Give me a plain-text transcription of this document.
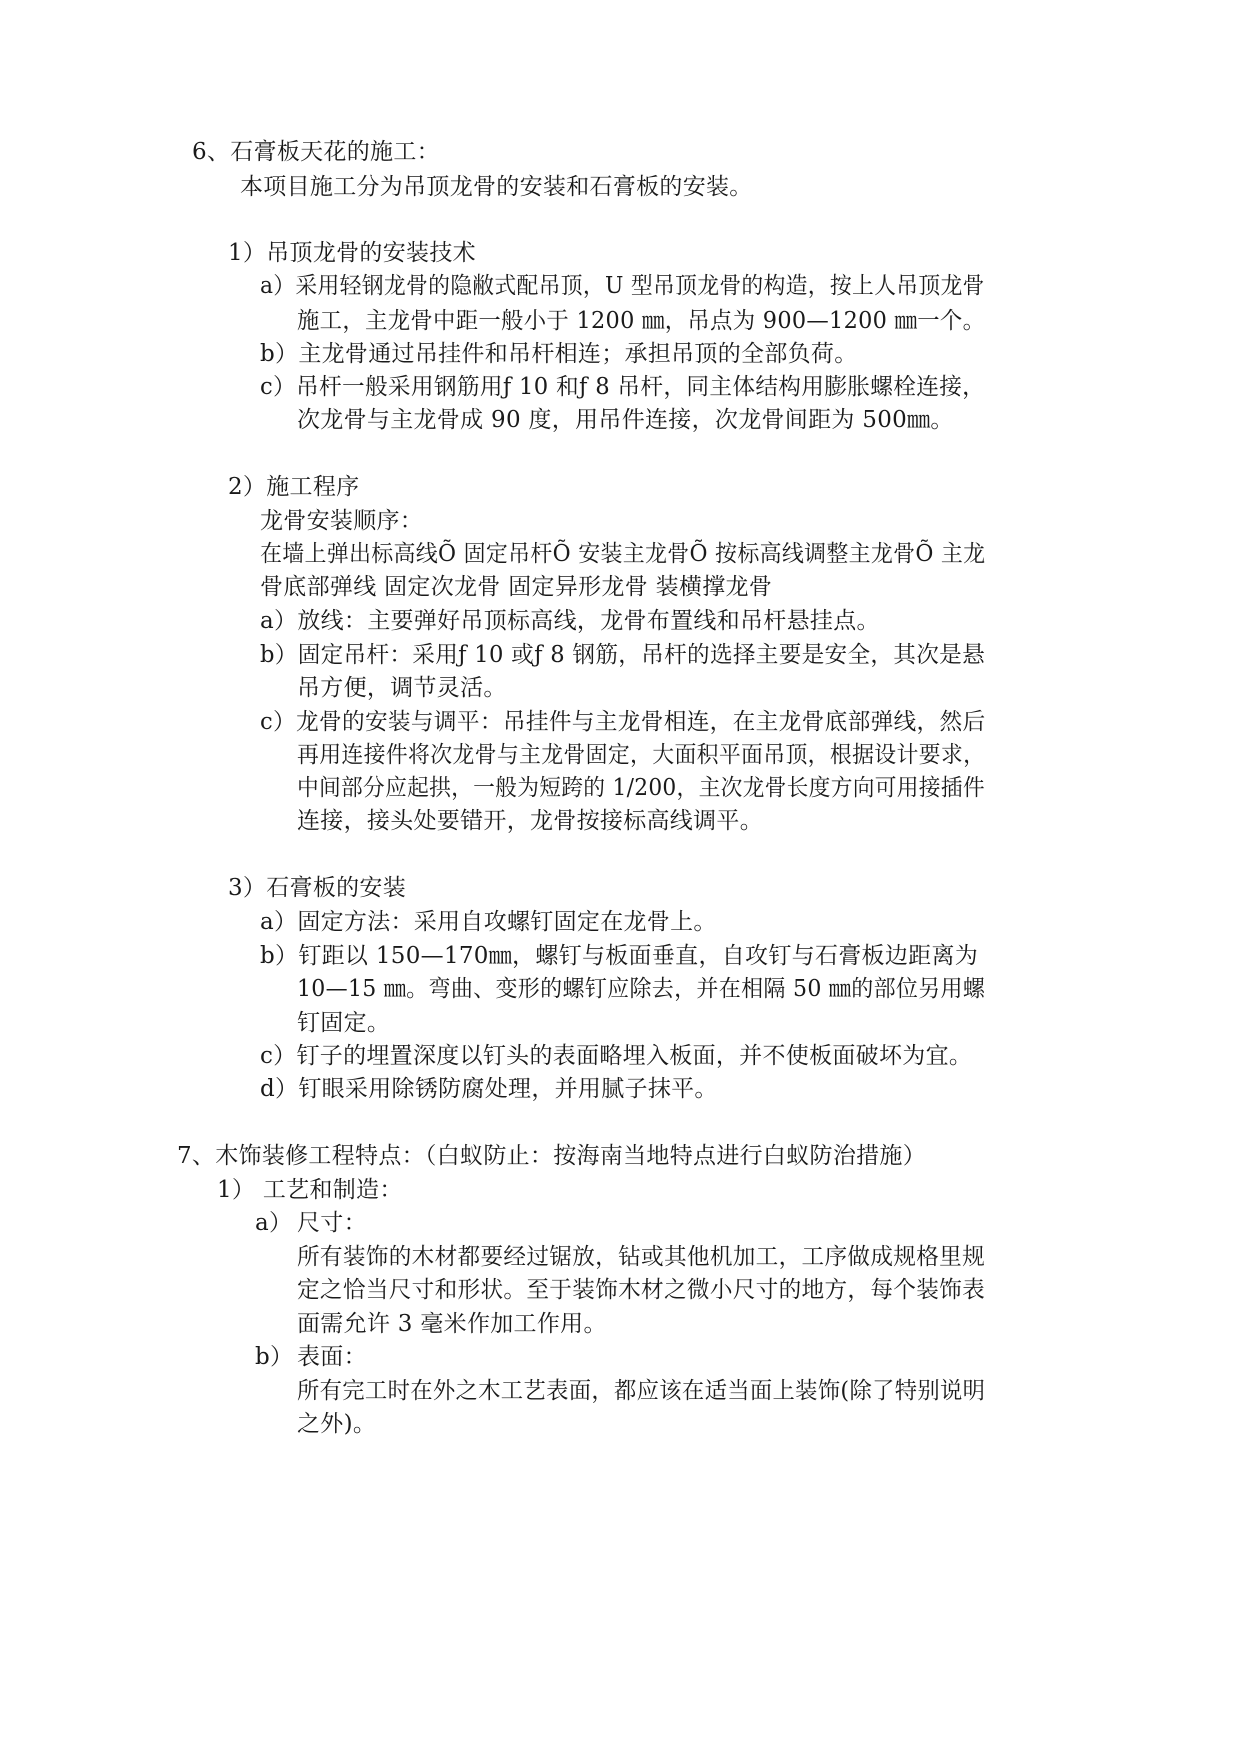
6、石膏板天花的施工：
本项目施工分为吊顶龙骨的安装和石膏板的安装。
1）吊顶龙骨的安装技术
a）采用轻钢龙骨的隐敝式配吊顶，U 型吊顶龙骨的构造，按上人吊顶龙骨
施工，主龙骨中距一般小于 1200 ㎜，吊点为 900—1200 ㎜一个。
b）主龙骨通过吊挂件和吊杆相连；承担吊顶的全部负荷。
c）吊杆一般采用钢筋用ƒ 10 和ƒ 8 吊杆，同主体结构用膨胀螺栓连接，
次龙骨与主龙骨成 90 度，用吊件连接，次龙骨间距为 500㎜。
2）施工程序
龙骨安装顺序：
在墙上弹出标高线Õ 固定吊杆Õ 安装主龙骨Õ 按标高线调整主龙骨Õ 主龙
骨底部弹线 固定次龙骨 固定异形龙骨 装横撑龙骨
a）放线：主要弹好吊顶标高线，龙骨布置线和吊杆悬挂点。
b）固定吊杆：采用ƒ 10 或ƒ 8 钢筋，吊杆的选择主要是安全，其次是悬
吊方便，调节灵活。
c）龙骨的安装与调平：吊挂件与主龙骨相连，在主龙骨底部弹线，然后
再用连接件将次龙骨与主龙骨固定，大面积平面吊顶，根据设计要求，
中间部分应起拱，一般为短跨的 1/200，主次龙骨长度方向可用接插件
连接，接头处要错开，龙骨按接标高线调平。
3）石膏板的安装
a）固定方法：采用自攻螺钉固定在龙骨上。
b）钉距以 150—170㎜，螺钉与板面垂直，自攻钉与石膏板边距离为
10—15 ㎜。弯曲、变形的螺钉应除去，并在相隔 50 ㎜的部位另用螺
钉固定。
c）钉子的埋置深度以钉头的表面略埋入板面，并不使板面破坏为宜。
d）钉眼采用除锈防腐处理，并用腻子抹平。
7、木饰装修工程特点：（白蚁防止：按海南当地特点进行白蚁防治措施）
1） 工艺和制造：
a） 尺寸：
所有装饰的木材都要经过锯放，钻或其他机加工，工序做成规格里规
定之恰当尺寸和形状。至于装饰木材之微小尺寸的地方，每个装饰表
面需允许 3 毫米作加工作用。
b） 表面：
所有完工时在外之木工艺表面，都应该在适当面上装饰(除了特别说明
之外)。
